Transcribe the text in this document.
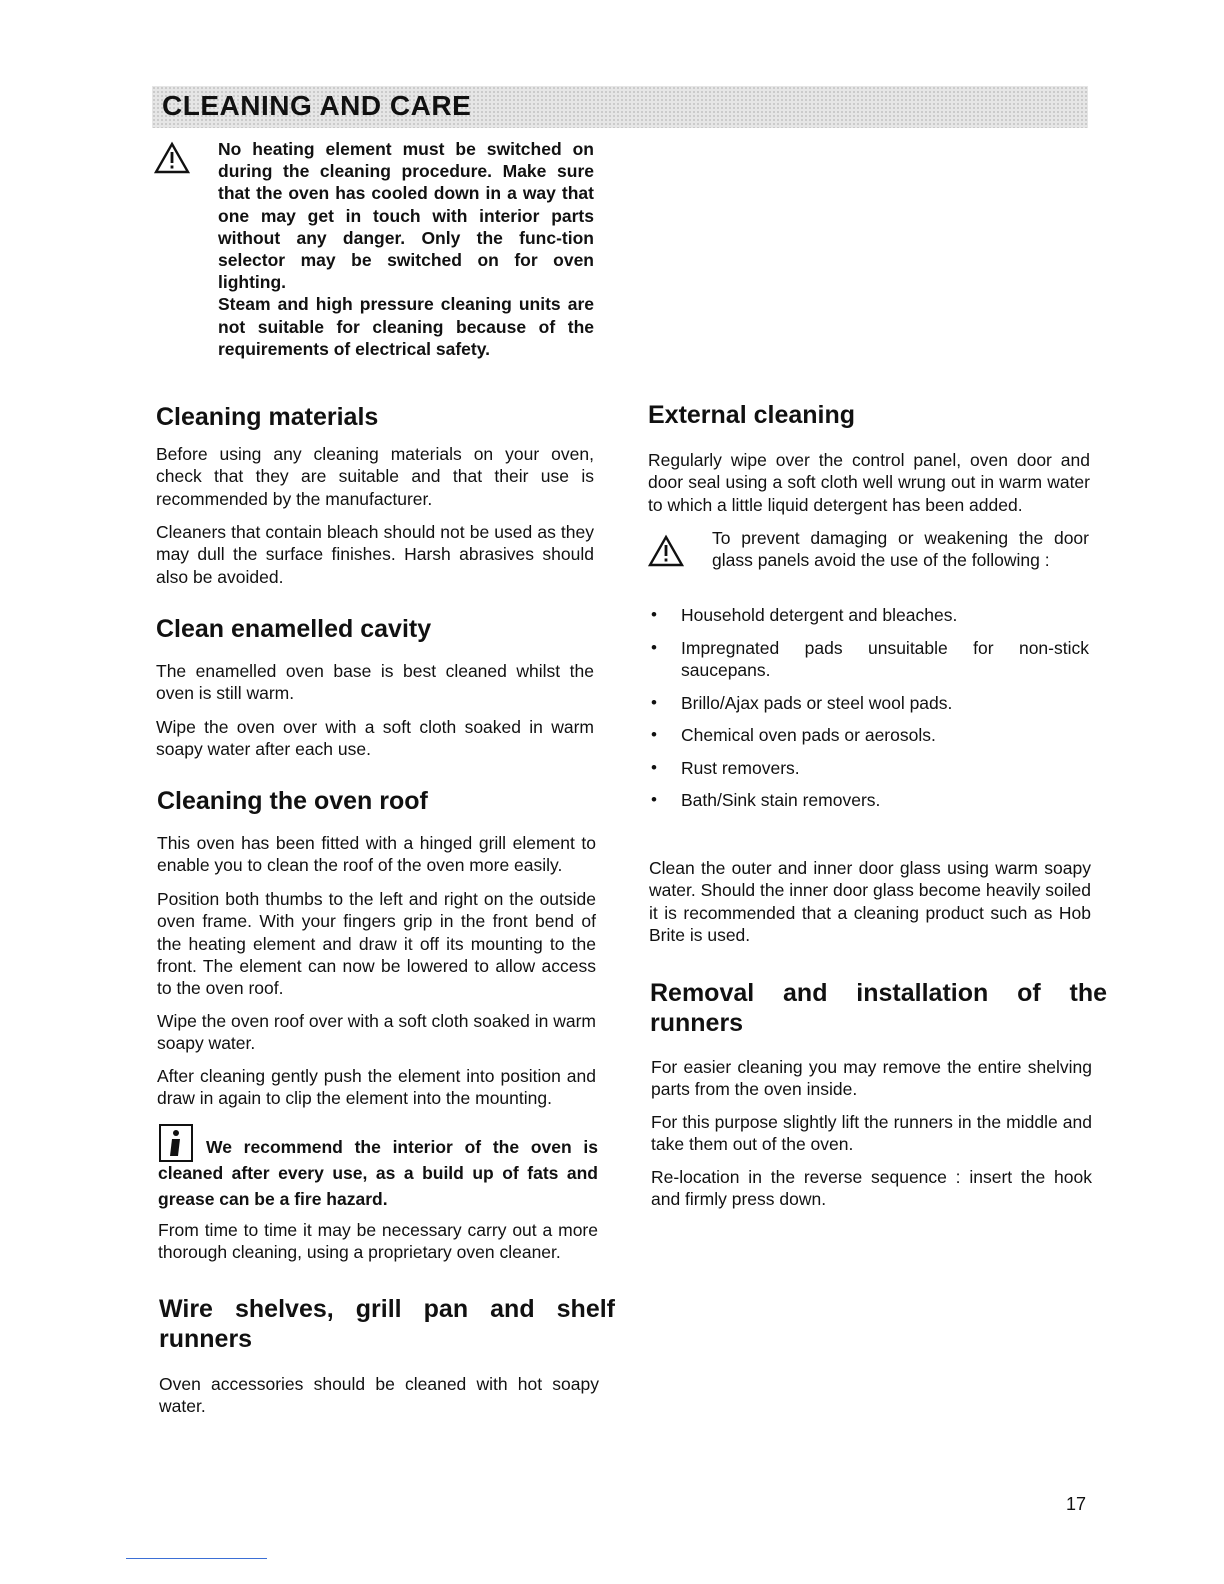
CLEANING AND CARE

No heating element must be switched on during the cleaning procedure. Make sure that the oven has cooled down in a way that one may get in touch with interior parts without any danger. Only the func-tion selector may be switched on for oven lighting.

Steam and high pressure cleaning units are not suitable for cleaning because of the requirements of electrical safety.

Cleaning materials

Before using any cleaning materials on your oven, check that they are suitable and that their use is recommended by the manufacturer.

Cleaners that contain bleach should not be used as they may dull the surface finishes. Harsh abrasives should also be avoided.

Clean enamelled cavity

The enamelled oven base is best cleaned whilst the oven is still warm.

Wipe the oven over with a soft cloth soaked in warm soapy water after each use.

Cleaning the oven roof

This oven has been fitted with a hinged grill element to enable you to clean the roof of the oven more easily.

Position both thumbs to the left and right on the outside oven frame. With your fingers grip in the front bend of the heating element and draw it off its mounting to the front. The element can now be lowered to allow access to the oven roof.

Wipe the oven roof over with a soft cloth soaked in warm soapy water.

After cleaning gently push the element into position and draw in again to clip the element into the mounting.

We recommend the interior of the oven is cleaned after every use, as a build up of fats and grease can be a fire hazard.

From time to time it may be necessary carry out a more thorough cleaning, using a proprietary oven cleaner.

Wire shelves, grill pan and shelf runners

Oven accessories should be cleaned with hot soapy water.

External cleaning

Regularly wipe over the control panel, oven door and door seal using a soft cloth well wrung out in warm water to which a little liquid detergent has been added.

To prevent damaging or weakening the door glass panels avoid the use of the following :

• Household detergent and bleaches.
• Impregnated pads unsuitable for non-stick saucepans.
• Brillo/Ajax pads or steel wool pads.
• Chemical oven pads or aerosols.
• Rust removers.
• Bath/Sink stain removers.

Clean the outer and inner door glass using warm soapy water. Should the inner door glass become heavily soiled it is recommended that a cleaning product such as Hob Brite is used.

Removal and installation of the runners

For easier cleaning you may remove the entire shelving parts from the oven inside.

For this purpose slightly lift the runners in the middle and take them out of the oven.

Re-location in the reverse sequence : insert the hook and firmly press down.

17
